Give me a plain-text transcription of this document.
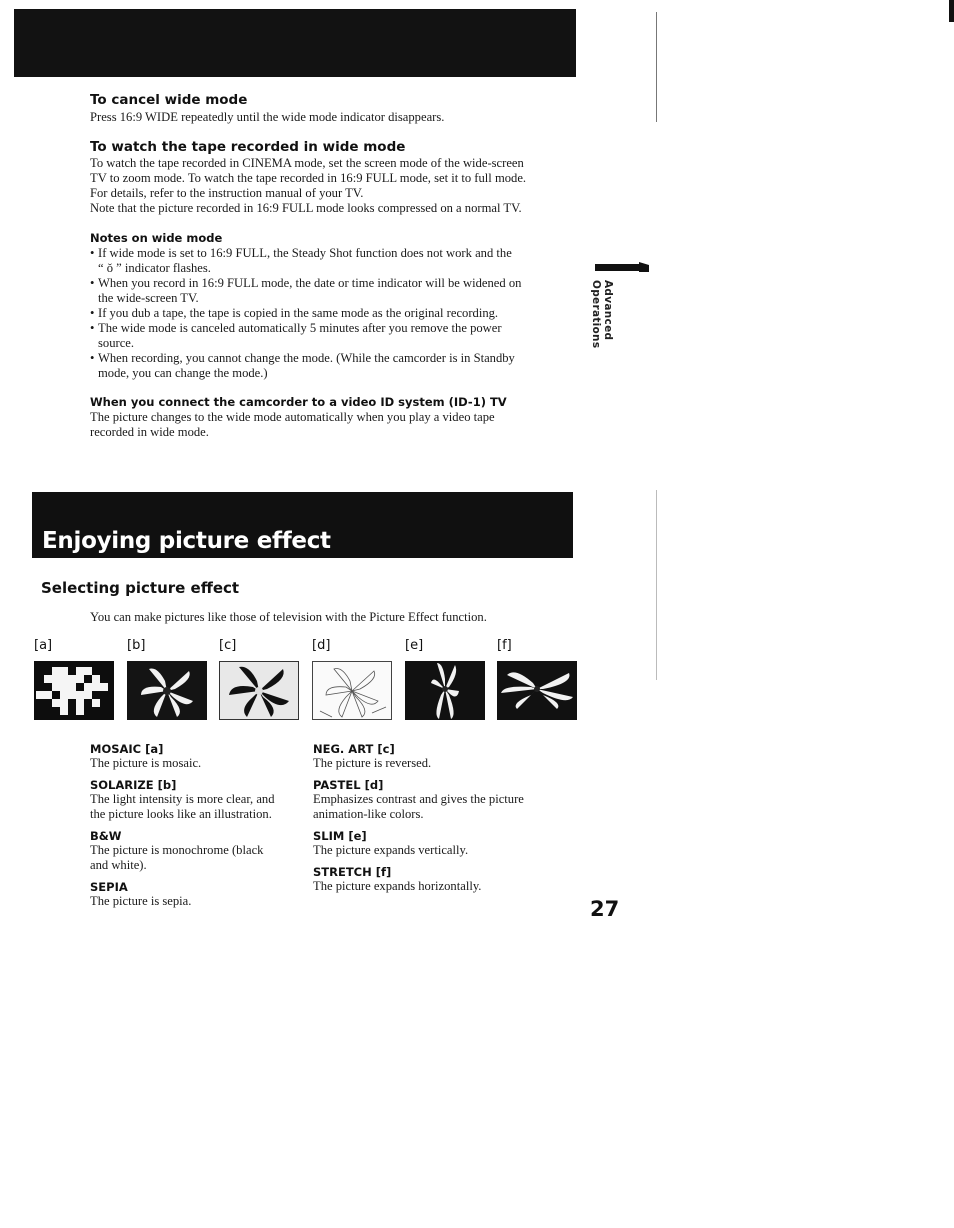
To cancel wide mode
Press 16:9 WIDE repeatedly until the wide mode indicator disappears.
To watch the tape recorded in wide mode
To watch the tape recorded in CINEMA mode, set the screen mode of the wide-screen
TV to zoom mode. To watch the tape recorded in 16:9 FULL mode, set it to full mode.
For details, refer to the instruction manual of your TV.
Note that the picture recorded in 16:9 FULL mode looks compressed on a normal TV.
Notes on wide mode
• If wide mode is set to 16:9 FULL, the Steady Shot function does not work and the
“ ǒ ” indicator flashes.
• When you record in 16:9 FULL mode, the date or time indicator will be widened on
the wide-screen TV.
• If you dub a tape, the tape is copied in the same mode as the original recording.
• The wide mode is canceled automatically 5 minutes after you remove the power
source.
• When recording, you cannot change the mode. (While the camcorder is in Standby
mode, you can change the mode.)
When you connect the camcorder to a video ID system (ID-1) TV
The picture changes to the wide mode automatically when you play a video tape
recorded in wide mode.
Advanced Operations
Enjoying picture effect
Selecting picture effect
You can make pictures like those of television with the Picture Effect function.
[a]	[b]	[c]	[d]	[e]	[f]
MOSAIC [a]
The picture is mosaic.
SOLARIZE [b]
The light intensity is more clear, and
the picture looks like an illustration.
B&W
The picture is monochrome (black
and white).
SEPIA
The picture is sepia.
NEG. ART [c]
The picture is reversed.
PASTEL [d]
Emphasizes contrast and gives the picture
animation-like colors.
SLIM [e]
The picture expands vertically.
STRETCH [f]
The picture expands horizontally.
27
